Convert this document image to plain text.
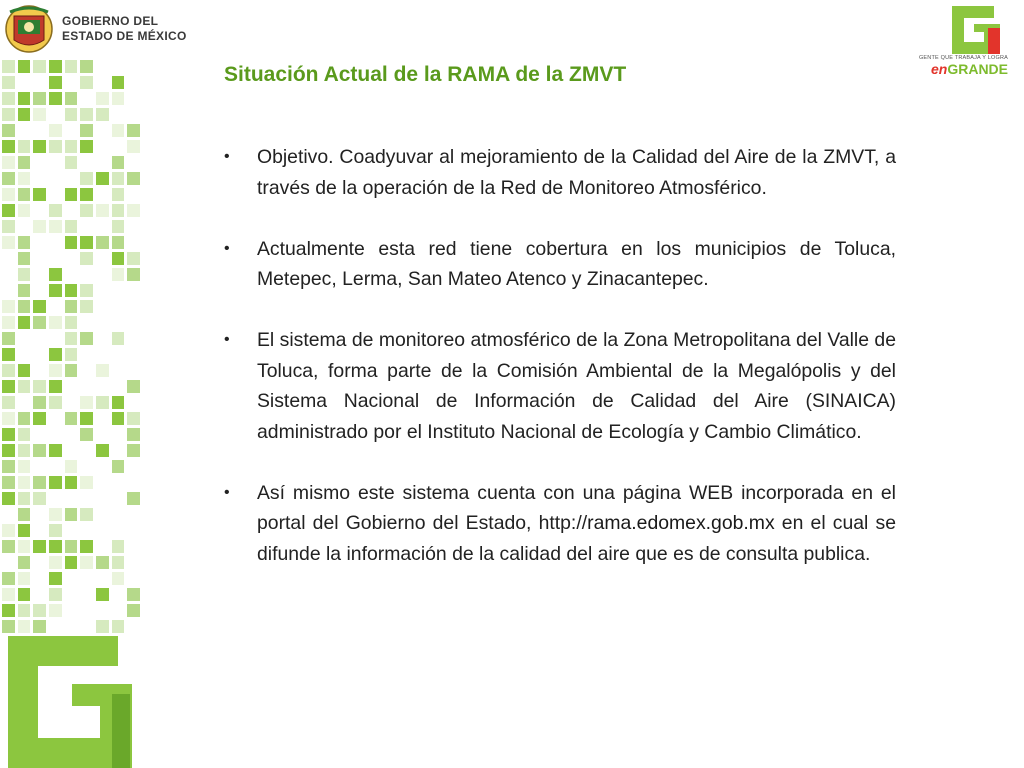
GOBIERNO DEL
ESTADO DE MÉXICO
GENTE QUE TRABAJA Y LOGRA
enGRANDE
Situación Actual de la RAMA de la ZMVT
• Objetivo. Coadyuvar al mejoramiento de la Calidad del Aire de la ZMVT, a través de la operación de la Red de Monitoreo Atmosférico.
• Actualmente esta red tiene cobertura en los municipios de Toluca, Metepec, Lerma, San Mateo Atenco y Zinacantepec.
• El sistema de monitoreo atmosférico de la Zona Metropolitana del Valle de Toluca, forma parte de la Comisión Ambiental de la Megalópolis y del Sistema Nacional de Información de Calidad del Aire (SINAICA) administrado por el Instituto Nacional de Ecología y Cambio Climático.
• Así mismo este sistema cuenta con una página WEB incorporada en el portal del Gobierno del Estado, http://rama.edomex.gob.mx en el cual se difunde la información de la calidad del aire que es de consulta publica.
